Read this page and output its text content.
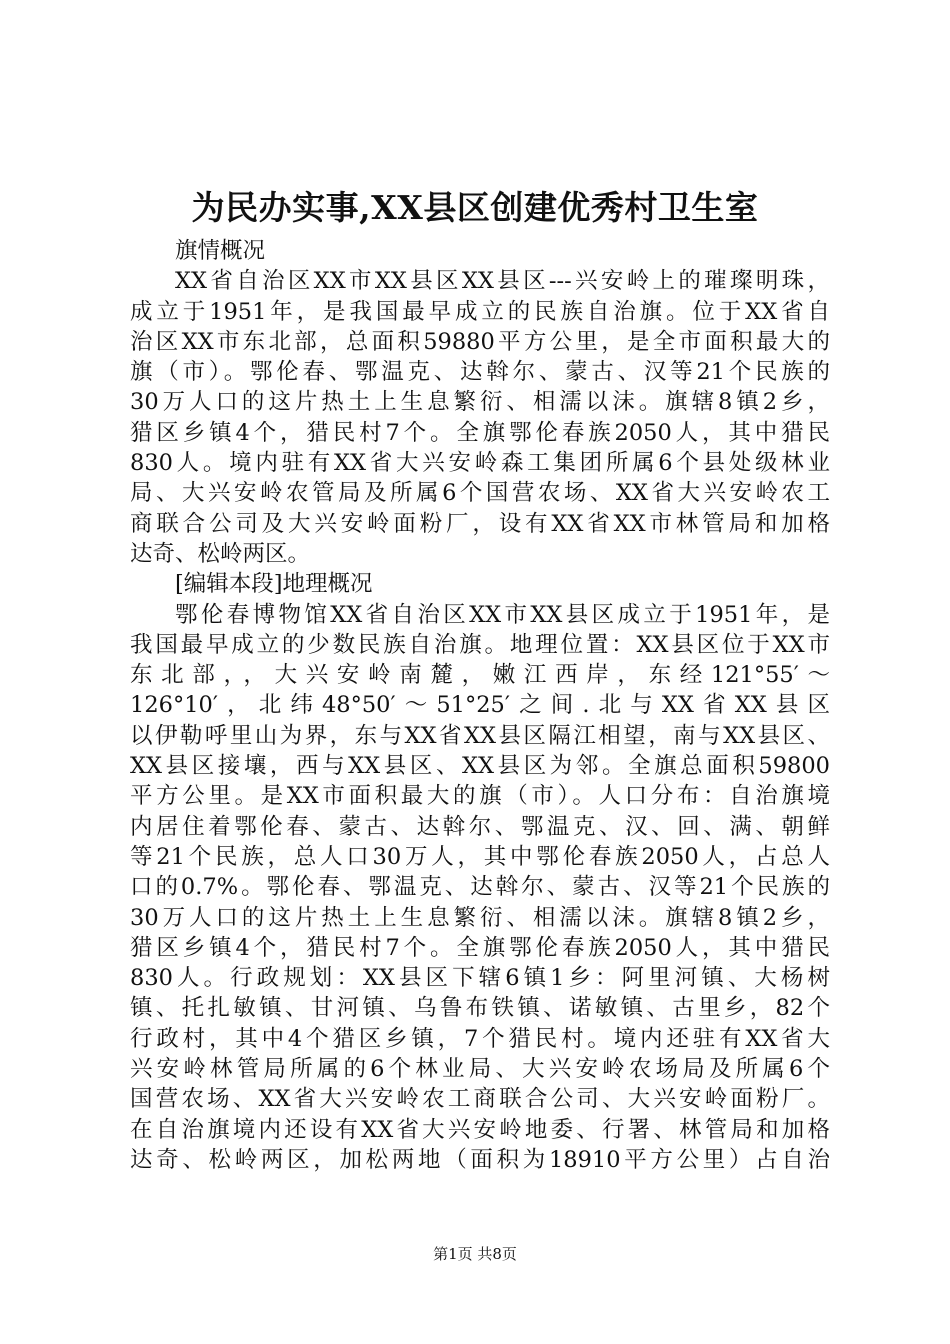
为民办实事,XX县区创建优秀村卫生室
旗情概况
XX省自治区XX市XX县区XX县区---兴安岭上的璀璨明珠，
成立于1951年，是我国最早成立的民族自治旗。位于XX省自
治区XX市东北部，总面积59880平方公里，是全市面积最大的
旗（市）。鄂伦春、鄂温克、达斡尔、蒙古、汉等21个民族的
30万人口的这片热土上生息繁衍、相濡以沫。旗辖8镇2乡，
猎区乡镇4个，猎民村7个。全旗鄂伦春族2050人，其中猎民
830人。境内驻有XX省大兴安岭森工集团所属6个县处级林业
局、大兴安岭农管局及所属6个国营农场、XX省大兴安岭农工
商联合公司及大兴安岭面粉厂，设有XX省XX市林管局和加格
达奇、松岭两区。
[编辑本段]地理概况
鄂伦春博物馆XX省自治区XX市XX县区成立于1951年，是
我国最早成立的少数民族自治旗。地理位置：XX县区位于XX市
东北部，，大兴安岭南麓，嫩江西岸，东经121°55′～
126°10′，北纬48°50′～51°25′之间.北与XX省XX县区
以伊勒呼里山为界，东与XX省XX县区隔江相望，南与XX县区、
XX县区接壤，西与XX县区、XX县区为邻。全旗总面积59800
平方公里。是XX市面积最大的旗（市）。人口分布：自治旗境
内居住着鄂伦春、蒙古、达斡尔、鄂温克、汉、回、满、朝鲜
等21个民族，总人口30万人，其中鄂伦春族2050人，占总人
口的0.7%。鄂伦春、鄂温克、达斡尔、蒙古、汉等21个民族的
30万人口的这片热土上生息繁衍、相濡以沫。旗辖8镇2乡，
猎区乡镇4个，猎民村7个。全旗鄂伦春族2050人，其中猎民
830人。行政规划：XX县区下辖6镇1乡：阿里河镇、大杨树
镇、托扎敏镇、甘河镇、乌鲁布铁镇、诺敏镇、古里乡，82个
行政村，其中4个猎区乡镇，7个猎民村。境内还驻有XX省大
兴安岭林管局所属的6个林业局、大兴安岭农场局及所属6个
国营农场、XX省大兴安岭农工商联合公司、大兴安岭面粉厂。
在自治旗境内还设有XX省大兴安岭地委、行署、林管局和加格
达奇、松岭两区，加松两地（面积为18910平方公里）占自治
第1页 共8页
